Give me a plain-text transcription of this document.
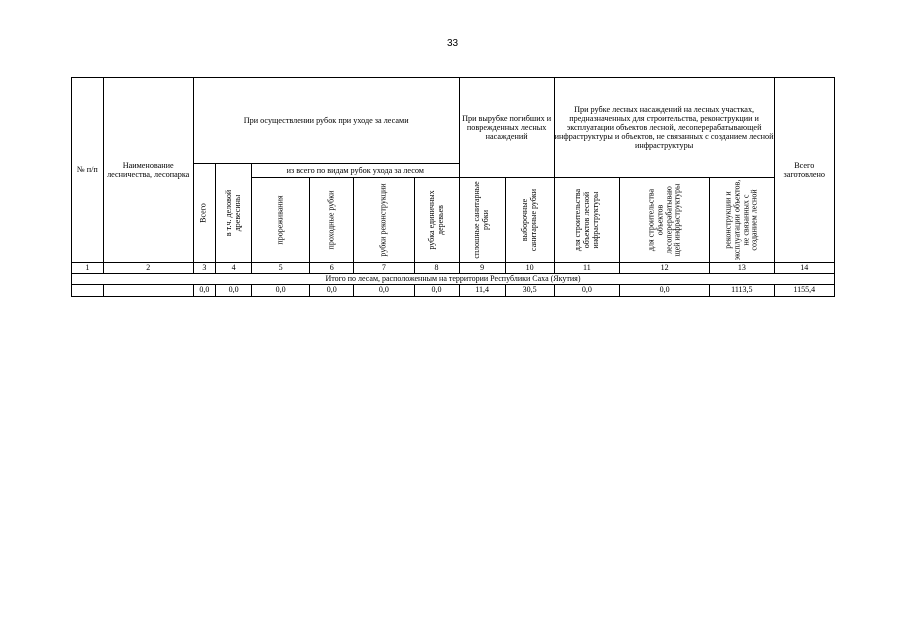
33
№ п/п	Наименование лесничества, лесопарка	При осуществлении рубок при уходе за лесами						При вырубке погибших и поврежденных лесных насаждений		При рубке лесных насаждений на лесных участках, предназначенных для строительства, реконструкции и эксплуатации объектов лесной, лесоперерабатывающей инфраструктуры и объектов, не связанных с созданием лесной инфраструктуры			Всего заготовлено

		Всего	в т.ч. деловой древесины	из всего по видам рубок ухода за лесом									

				прореживания	проходные рубки	рубки реконструкции	рубка единичных деревьев	сплошные санитарные рубки	выборочные санитарные рубки	для строительства объектов лесной инфраструктуры	для строительства объектов лесоперерабатываю щей инфраструктуры	реконструкции и эксплуатации объектов, не связанных с созданием лесной	

1	2	3	4	5	6	7	8	9	10	11	12	13	14
Итого по лесам, расположенным на территории Республики Саха (Якутия)													
		0,0	0,0	0,0	0,0	0,0	0,0	11,4	30,5	0,0	0,0	1113,5	1155,4
